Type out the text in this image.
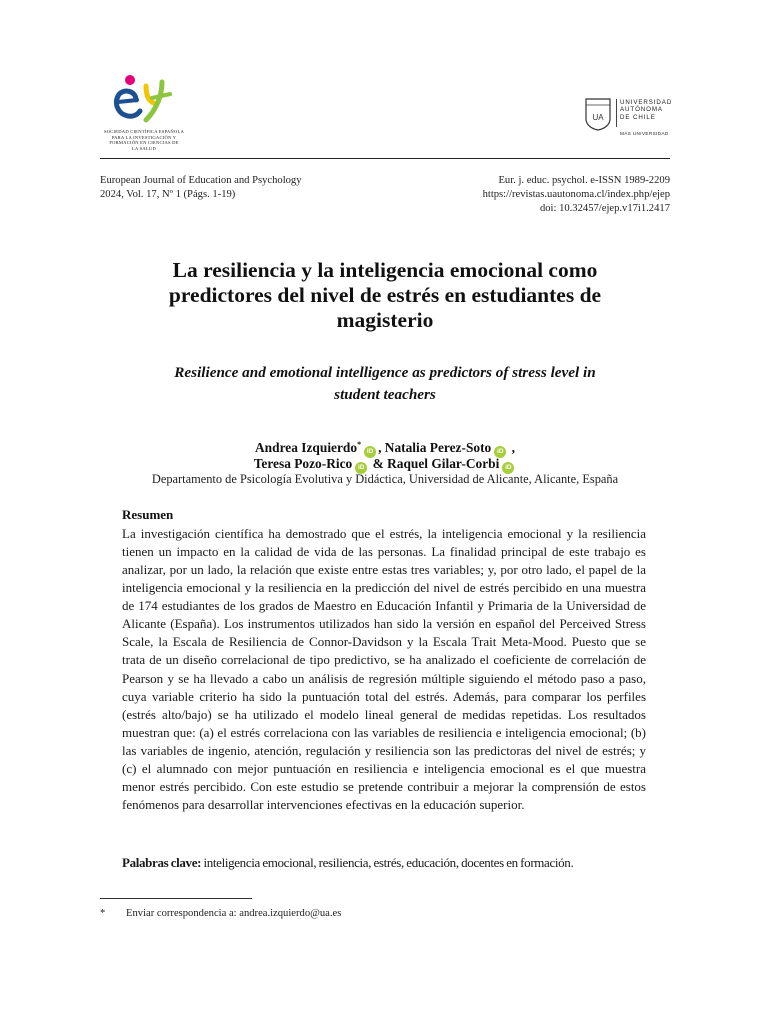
SOCIEDAD CIENTÍFICA ESPAÑOLA
PARA LA INVESTIGACIÓN Y
FORMACIÓN EN CIENCIAS DE
LA SALUD
UA
UNIVERSIDAD
AUTÓNOMA
DE CHILE
MÁS UNIVERSIDAD
European Journal of Education and Psychology
2024, Vol. 17, Nº 1 (Págs. 1-19)
Eur. j. educ. psychol. e-ISSN 1989-2209
https://revistas.uautonoma.cl/index.php/ejep
doi: 10.32457/ejep.v17i1.2417
La resiliencia y la inteligencia emocional como
predictores del nivel de estrés en estudiantes de
magisterio
Resilience and emotional intelligence as predictors of stress level in
student teachers
Andrea Izquierdo*iD , Natalia Perez-Soto iD ,
Teresa Pozo-Rico iD & Raquel Gilar-Corbi iD
Departamento de Psicología Evolutiva y Didáctica, Universidad de Alicante, Alicante, España
Resumen
La investigación científica ha demostrado que el estrés, la inteligencia emocional y la resiliencia tienen un impacto en la calidad de vida de las personas. La finalidad principal de este trabajo es analizar, por un lado, la relación que existe entre estas tres variables; y, por otro lado, el papel de la inteligencia emocional y la resiliencia en la predicción del nivel de estrés percibido en una muestra de 174 estudiantes de los grados de Maestro en Educación Infantil y Primaria de la Universidad de Alicante (España). Los instrumentos utilizados han sido la versión en español del Perceived Stress Scale, la Escala de Resiliencia de Connor-Davidson y la Escala Trait Meta-Mood. Puesto que se trata de un diseño correlacional de tipo predictivo, se ha analizado el coeficiente de correlación de Pearson y se ha llevado a cabo un análisis de regresión múltiple siguiendo el método paso a paso, cuya variable criterio ha sido la puntuación total del estrés. Además, para comparar los perfiles (estrés alto/bajo) se ha utilizado el modelo lineal general de medidas repetidas. Los resultados muestran que: (a) el estrés correlaciona con las variables de resiliencia e inteligencia emocional; (b) las variables de ingenio, atención, regulación y resiliencia son las predictoras del nivel de estrés; y (c) el alumnado con mejor puntuación en resiliencia e inteligencia emocional es el que muestra menor estrés percibido. Con este estudio se pretende contribuir a mejorar la comprensión de estos fenómenos para desarrollar intervenciones efectivas en la educación superior.
Palabras clave: inteligencia emocional, resiliencia, estrés, educación, docentes en formación.
* Enviar correspondencia a: andrea.izquierdo@ua.es
